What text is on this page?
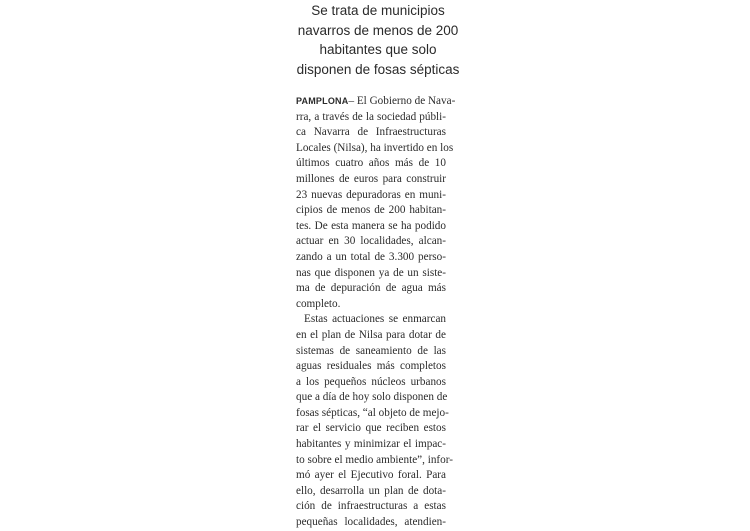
Se trata de municipios
navarros de menos de 200
habitantes que solo
disponen de fosas sépticas
PAMPLONA– El Gobierno de Nava-
rra, a través de la sociedad públi-
ca Navarra de Infraestructuras
Locales (Nilsa), ha invertido en los
últimos cuatro años más de 10
millones de euros para construir
23 nuevas depuradoras en muni-
cipios de menos de 200 habitan-
tes. De esta manera se ha podido
actuar en 30 localidades, alcan-
zando a un total de 3.300 perso-
nas que disponen ya de un siste-
ma de depuración de agua más
completo.
Estas actuaciones se enmarcan
en el plan de Nilsa para dotar de
sistemas de saneamiento de las
aguas residuales más completos
a los pequeños núcleos urbanos
que a día de hoy solo disponen de
fosas sépticas, “al objeto de mejo-
rar el servicio que reciben estos
habitantes y minimizar el impac-
to sobre el medio ambiente”, infor-
mó ayer el Ejecutivo foral. Para
ello, desarrolla un plan de dota-
ción de infraestructuras a estas
pequeñas localidades, atendien-
